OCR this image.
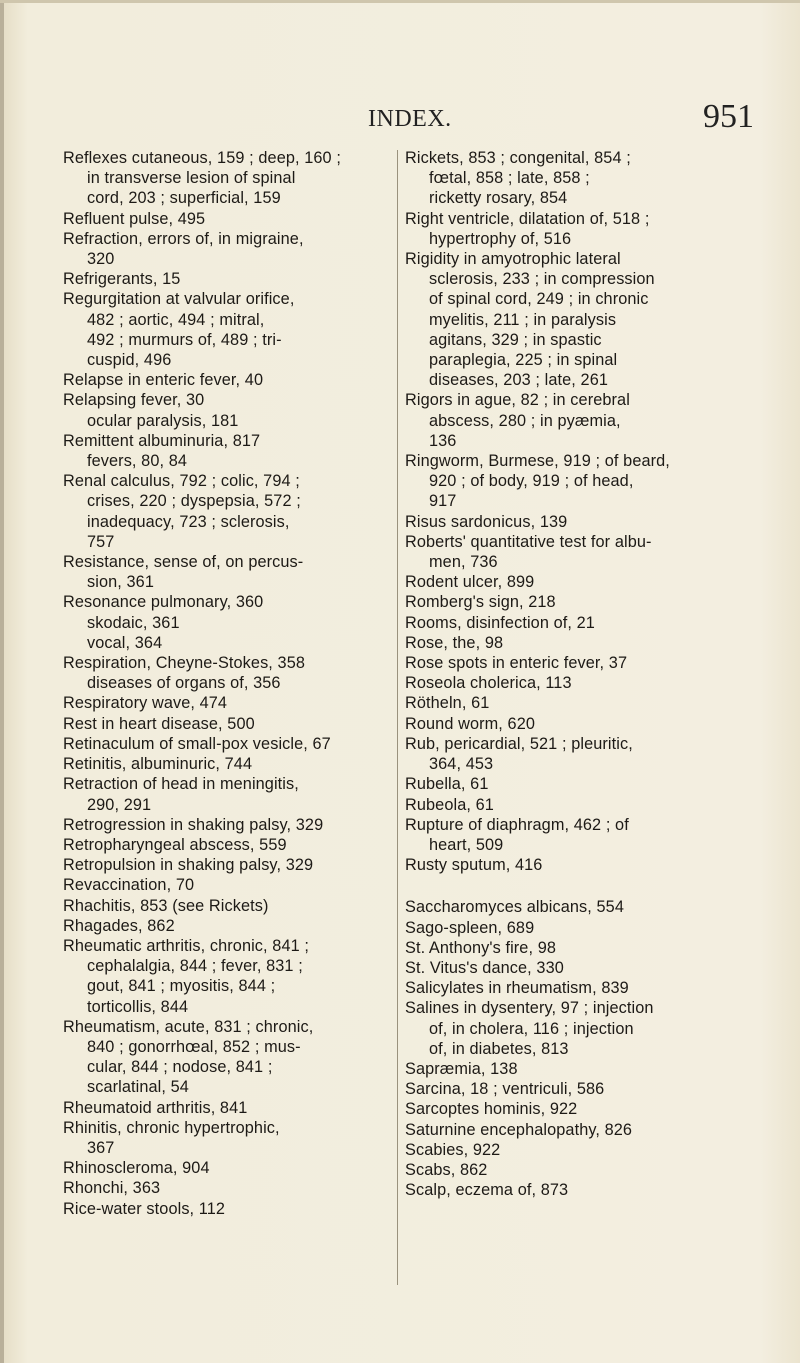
INDEX.	951
Reflexes cutaneous, 159 ; deep, 160 ;
in transverse lesion of spinal
cord, 203 ; superficial, 159
Refluent pulse, 495
Refraction, errors of, in migraine,
320
Refrigerants, 15
Regurgitation at valvular orifice,
482 ; aortic, 494 ; mitral,
492 ; murmurs of, 489 ; tri-
cuspid, 496
Relapse in enteric fever, 40
Relapsing fever, 30
ocular paralysis, 181
Remittent albuminuria, 817
fevers, 80, 84
Renal calculus, 792 ; colic, 794 ;
crises, 220 ; dyspepsia, 572 ;
inadequacy, 723 ; sclerosis,
757
Resistance, sense of, on percus-
sion, 361
Resonance pulmonary, 360
skodaic, 361
vocal, 364
Respiration, Cheyne-Stokes, 358
diseases of organs of, 356
Respiratory wave, 474
Rest in heart disease, 500
Retinaculum of small-pox vesicle, 67
Retinitis, albuminuric, 744
Retraction of head in meningitis,
290, 291
Retrogression in shaking palsy, 329
Retropharyngeal abscess, 559
Retropulsion in shaking palsy, 329
Revaccination, 70
Rhachitis, 853 (see Rickets)
Rhagades, 862
Rheumatic arthritis, chronic, 841 ;
cephalalgia, 844 ; fever, 831 ;
gout, 841 ; myositis, 844 ;
torticollis, 844
Rheumatism, acute, 831 ; chronic,
840 ; gonorrhœal, 852 ; mus-
cular, 844 ; nodose, 841 ;
scarlatinal, 54
Rheumatoid arthritis, 841
Rhinitis, chronic hypertrophic,
367
Rhinoscleroma, 904
Rhonchi, 363
Rice-water stools, 112
Rickets, 853 ; congenital, 854 ;
fœtal, 858 ; late, 858 ;
ricketty rosary, 854
Right ventricle, dilatation of, 518 ;
hypertrophy of, 516
Rigidity in amyotrophic lateral
sclerosis, 233 ; in compression
of spinal cord, 249 ; in chronic
myelitis, 211 ; in paralysis
agitans, 329 ; in spastic
paraplegia, 225 ; in spinal
diseases, 203 ; late, 261
Rigors in ague, 82 ; in cerebral
abscess, 280 ; in pyæmia,
136
Ringworm, Burmese, 919 ; of beard,
920 ; of body, 919 ; of head,
917
Risus sardonicus, 139
Roberts' quantitative test for albu-
men, 736
Rodent ulcer, 899
Romberg's sign, 218
Rooms, disinfection of, 21
Rose, the, 98
Rose spots in enteric fever, 37
Roseola cholerica, 113
Rötheln, 61
Round worm, 620
Rub, pericardial, 521 ; pleuritic,
364, 453
Rubella, 61
Rubeola, 61
Rupture of diaphragm, 462 ; of
heart, 509
Rusty sputum, 416
Saccharomyces albicans, 554
Sago-spleen, 689
St. Anthony's fire, 98
St. Vitus's dance, 330
Salicylates in rheumatism, 839
Salines in dysentery, 97 ; injection
of, in cholera, 116 ; injection
of, in diabetes, 813
Sapræmia, 138
Sarcina, 18 ; ventriculi, 586
Sarcoptes hominis, 922
Saturnine encephalopathy, 826
Scabies, 922
Scabs, 862
Scalp, eczema of, 873
